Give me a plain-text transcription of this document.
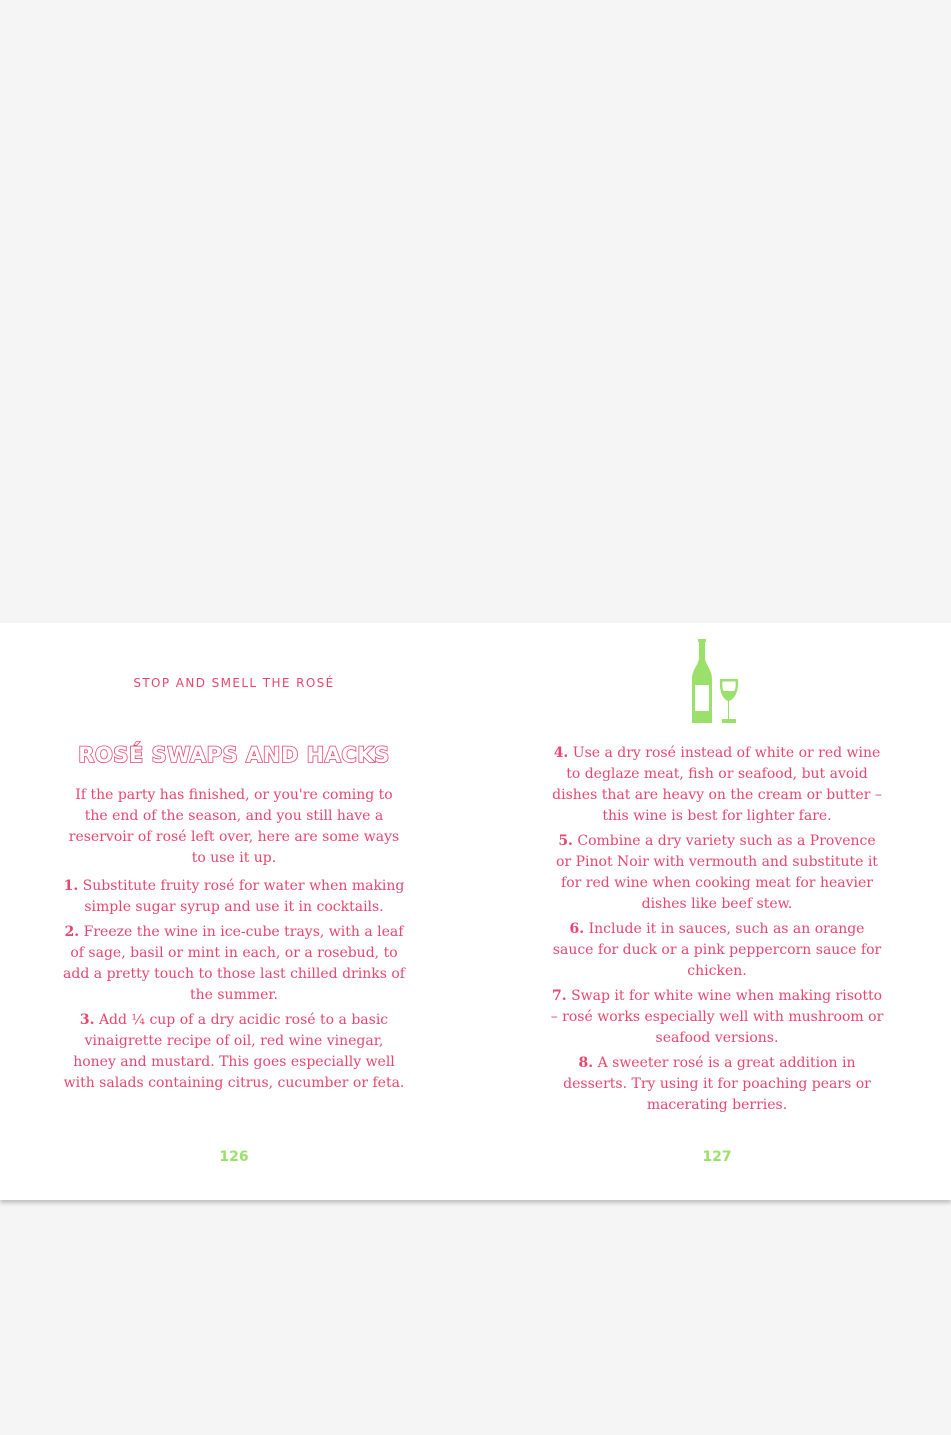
STOP AND SMELL THE ROSÉ
ROSÉ SWAPS AND HACKS

If the party has finished, or you're coming to the end of the season, and you still have a reservoir of rosé left over, here are some ways to use it up.

1. Substitute fruity rosé for water when making simple sugar syrup and use it in cocktails.
2. Freeze the wine in ice-cube trays, with a leaf of sage, basil or mint in each, or a rosebud, to add a pretty touch to those last chilled drinks of the summer.
3. Add ¼ cup of a dry acidic rosé to a basic vinaigrette recipe of oil, red wine vinegar, honey and mustard. This goes especially well with salads containing citrus, cucumber or feta.
126
4. Use a dry rosé instead of white or red wine to deglaze meat, fish or seafood, but avoid dishes that are heavy on the cream or butter – this wine is best for lighter fare.
5. Combine a dry variety such as a Provence or Pinot Noir with vermouth and substitute it for red wine when cooking meat for heavier dishes like beef stew.
6. Include it in sauces, such as an orange sauce for duck or a pink peppercorn sauce for chicken.
7. Swap it for white wine when making risotto – rosé works especially well with mushroom or seafood versions.
8. A sweeter rosé is a great addition in desserts. Try using it for poaching pears or macerating berries.
127
